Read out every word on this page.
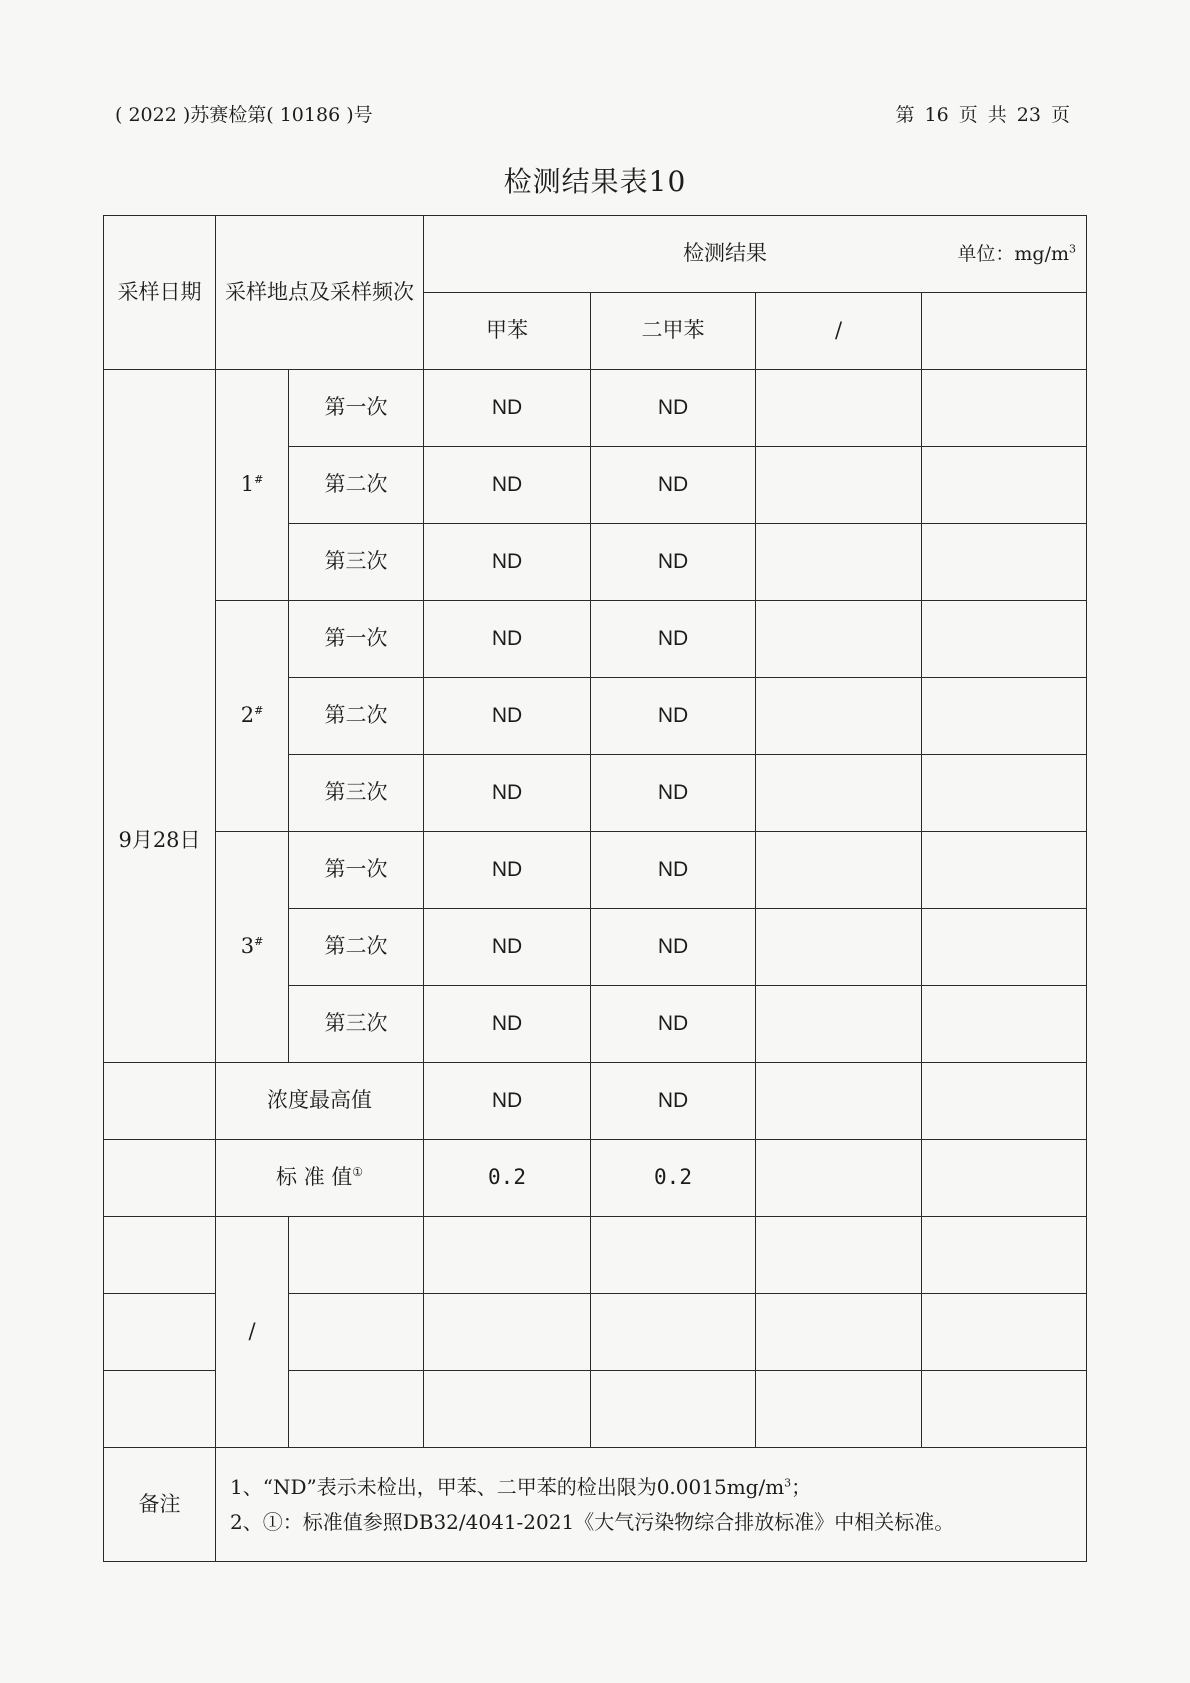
( 2022 )苏赛检第( 10186 )号	第 16 页 共 23 页
检测结果表10
采样日期	采样地点及采样频次		检测结果 单位：$mg/m^3$

			甲苯	二甲苯	/	
9月28日	1#	第一次	ND	ND		
		第二次	ND	ND		
		第三次	ND	ND		
	2#	第一次	ND	ND		
		第二次	ND	ND		
		第三次	ND	ND		
	3#	第一次	ND	ND		
		第二次	ND	ND		
		第三次	ND	ND		
	浓度最高值		ND	ND		
	标 准 值①		0.2	0.2		
	/					

备注	1、“ND”表示未检出，甲苯、二甲苯的检出限为$0.0015mg/m^3$；
2、①：标准值参照DB32/4041-2021《大气污染物综合排放标准》中相关标准。					
